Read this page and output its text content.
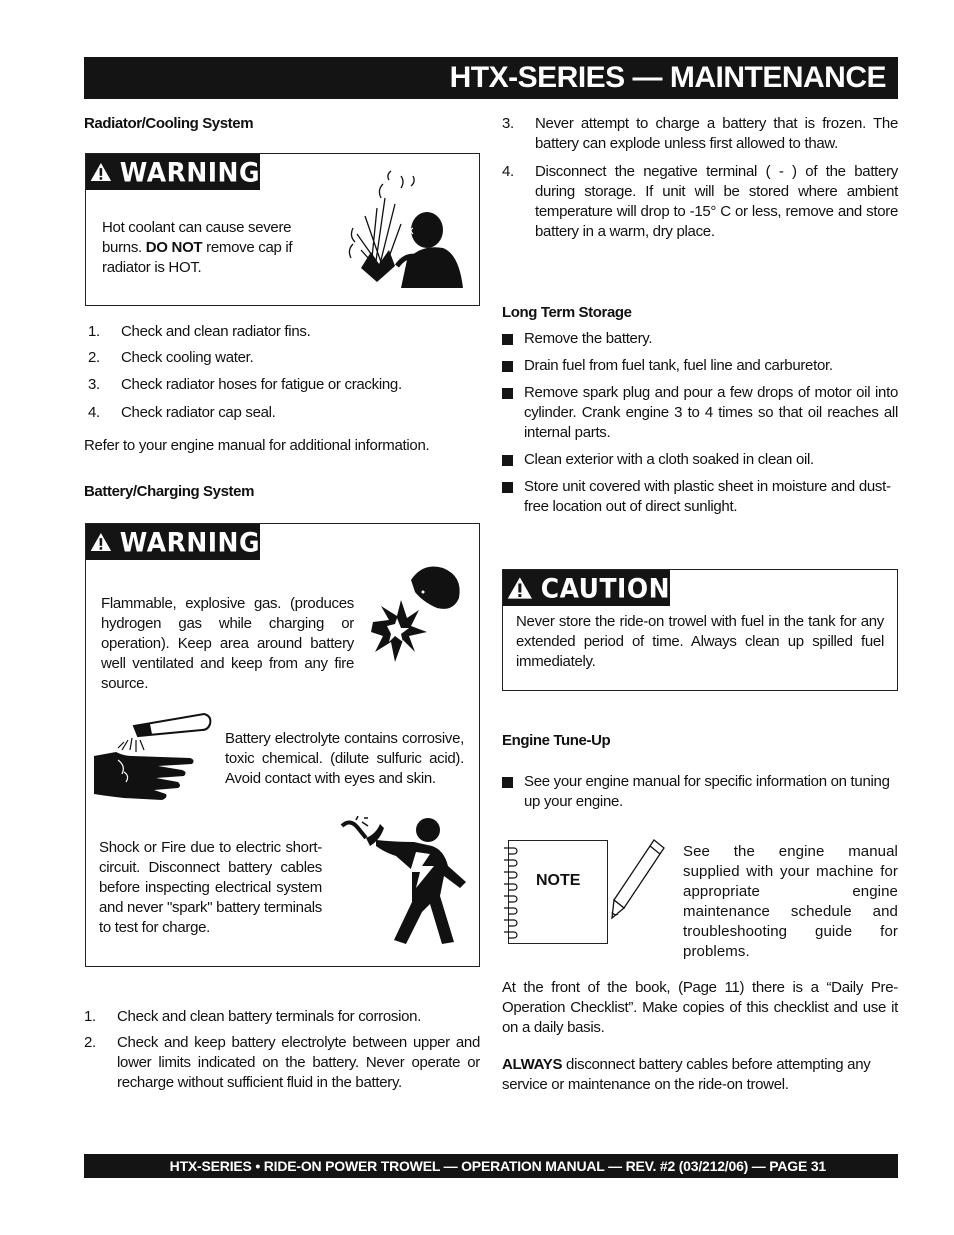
HTX-SERIES — MAINTENANCE
Radiator/Cooling System
WARNING
Hot coolant can cause severe burns. DO NOT remove cap if radiator is HOT.
1. Check and clean radiator fins.
2. Check cooling water.
3. Check radiator hoses for fatigue or cracking.
4. Check radiator cap seal.
Refer to your engine manual for additional information.
Battery/Charging System
WARNING
Flammable, explosive gas. (produces hydrogen gas while charging or operation). Keep area around battery well ventilated and keep from any fire source.
Battery electrolyte contains corrosive, toxic chemical. (dilute sulfuric acid). Avoid contact with eyes and skin.
Shock or Fire due to electric short-circuit. Disconnect battery cables before inspecting electrical system and never "spark" battery terminals to test for charge.
1. Check and clean battery terminals for corrosion.
2. Check and keep battery electrolyte between upper and lower limits indicated on the battery. Never operate or recharge without sufficient fluid in the battery.
3. Never attempt to charge a battery that is frozen. The battery can explode unless first allowed to thaw.
4. Disconnect the negative terminal ( - ) of the battery during storage. If unit will be stored where ambient temperature will drop to -15° C or less, remove and store battery in a warm, dry place.
Long Term Storage
Remove the battery.
Drain fuel from fuel tank, fuel line and carburetor.
Remove spark plug and pour a few drops of motor oil into cylinder. Crank engine 3 to 4 times so that oil reaches all internal parts.
Clean exterior with a cloth soaked in clean oil.
Store unit covered with plastic sheet in moisture and dust-free location out of direct sunlight.
CAUTION
Never store the ride-on trowel with fuel in the tank for any extended period of time. Always clean up spilled fuel immediately.
Engine Tune-Up
See your engine manual for specific information on tuning up your engine.
NOTE
See the engine manual supplied with your machine for appropriate engine maintenance schedule and troubleshooting guide for problems.
At the front of the book, (Page 11) there is a “Daily Pre-Operation Checklist”. Make copies of this checklist and use it on a daily basis.
ALWAYS disconnect battery cables before attempting any service or maintenance on the ride-on trowel.
HTX-SERIES • RIDE-ON POWER TROWEL — OPERATION MANUAL — REV. #2 (03/212/06) — PAGE 31
